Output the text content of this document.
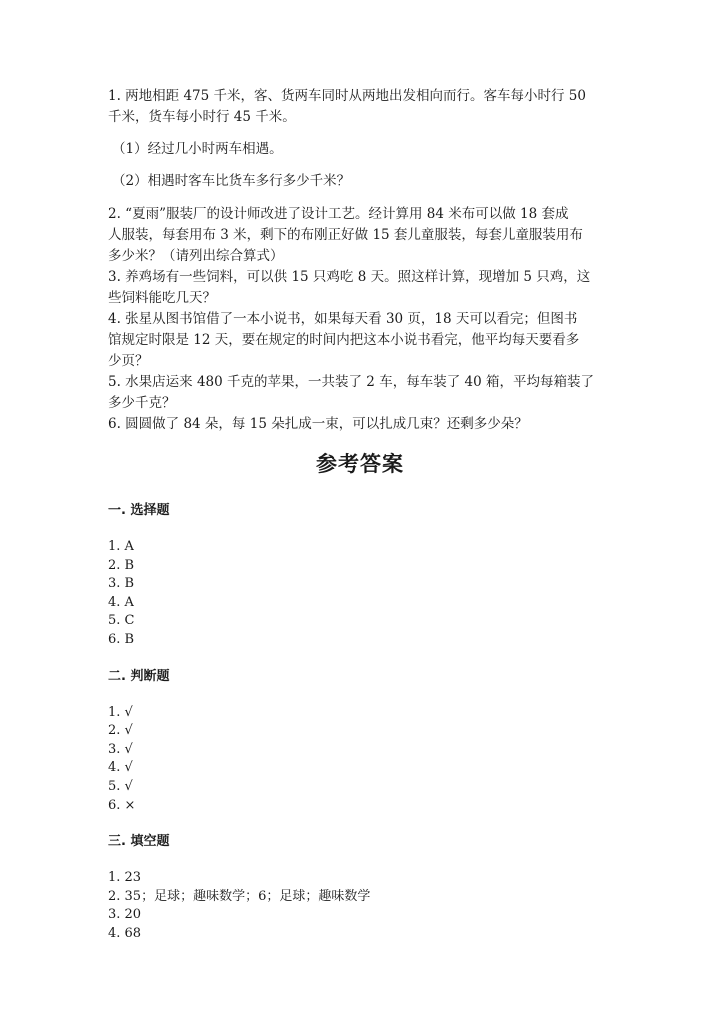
1. 两地相距 475 千米，客、货两车同时从两地出发相向而行。客车每小时行 50

千米，货车每小时行 45 千米。

（1）经过几小时两车相遇。

（2）相遇时客车比货车多行多少千米？

2. “夏雨”服装厂的设计师改进了设计工艺。经计算用 84 米布可以做 18 套成

人服装，每套用布 3 米，剩下的布刚正好做 15 套儿童服装，每套儿童服装用布

多少米？（请列出综合算式）

3. 养鸡场有一些饲料，可以供 15 只鸡吃 8 天。照这样计算，现增加 5 只鸡，这

些饲料能吃几天？

4. 张星从图书馆借了一本小说书，如果每天看 30 页，18 天可以看完；但图书

馆规定时限是 12 天，要在规定的时间内把这本小说书看完，他平均每天要看多

少页？

5. 水果店运来 480 千克的苹果，一共装了 2 车，每车装了 40 箱，平均每箱装了

多少千克？

6. 圆圆做了 84 朵，每 15 朵扎成一束，可以扎成几束？还剩多少朵？

参考答案
一. 选择题

1. A

2. B

3. B

4. A

5. C

6. B

二. 判断题

1. √

2. √

3. √

4. √

5. √

6. ×

三. 填空题

1. 23

2. 35；足球；趣味数学；6；足球；趣味数学

3. 20

4. 68
